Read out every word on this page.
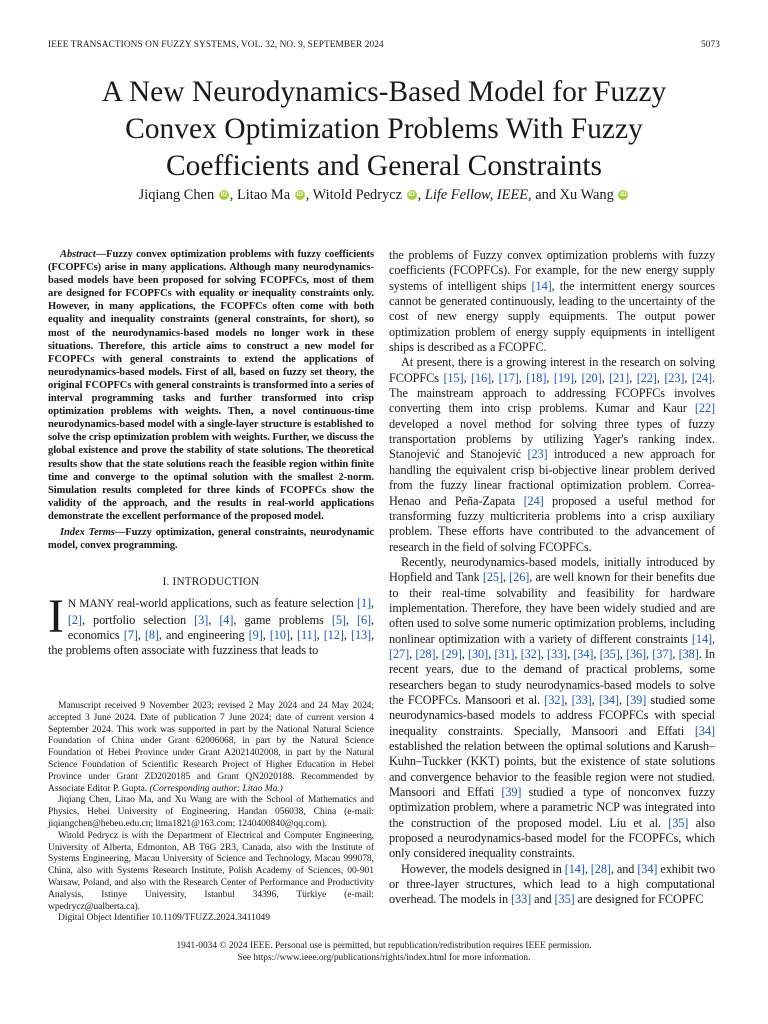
IEEE TRANSACTIONS ON FUZZY SYSTEMS, VOL. 32, NO. 9, SEPTEMBER 2024	5073
A New Neurodynamics-Based Model for Fuzzy
Convex Optimization Problems With Fuzzy
Coefficients and General Constraints
Jiqiang Chen iD , Litao Ma iD , Witold Pedrycz iD , Life Fellow, IEEE, and Xu Wang iD

Abstract—Fuzzy convex optimization problems with fuzzy coefficients (FCOPFCs) arise in many applications. Although many neurodynamics-based models have been proposed for solving FCOPFCs, most of them are designed for FCOPFCs with equality or inequality constraints only. However, in many applications, the FCOPFCs often come with both equality and inequality constraints (general constraints, for short), so most of the neurodynamics-based models no longer work in these situations. Therefore, this article aims to construct a new model for FCOPFCs with general constraints to extend the applications of neurodynamics-based models. First of all, based on fuzzy set theory, the original FCOPFCs with general constraints is transformed into a series of interval programming tasks and further transformed into crisp optimization problems with weights. Then, a novel continuous-time neurodynamics-based model with a single-layer structure is established to solve the crisp optimization problem with weights. Further, we discuss the global existence and prove the stability of state solutions. The theoretical results show that the state solutions reach the feasible region within finite time and converge to the optimal solution with the smallest 2-norm. Simulation results completed for three kinds of FCOPFCs show the validity of the approach, and the results in real-world applications demonstrate the excellent performance of the proposed model.

Index Terms—Fuzzy optimization, general constraints, neurodynamic model, convex programming.

I. INTRODUCTION

I N MANY real-world applications, such as feature selection [1], [2], portfolio selection [3], [4], game problems [5], [6], economics [7], [8], and engineering [9], [10], [11], [12], [13], the problems often associate with fuzziness that leads to

Manuscript received 9 November 2023; revised 2 May 2024 and 24 May 2024; accepted 3 June 2024. Date of publication 7 June 2024; date of current version 4 September 2024. This work was supported in part by the National Natural Science Foundation of China under Grant 62006068, in part by the Natural Science Foundation of Hebei Province under Grant A2021402008, in part by the Natural Science Foundation of Scientific Research Project of Higher Education in Hebei Province under Grant ZD2020185 and Grant QN2020188. Recommended by Associate Editor P. Gupta. (Corresponding author: Litao Ma.)

Jiqiang Chen, Litao Ma, and Xu Wang are with the School of Mathematics and Physics, Hebei University of Engineering, Handan 056038, China (e-mail: jiqiangchen@hebeu.edu.cn; ltma1821@163.com; 1240400840@qq.com).

Witold Pedrycz is with the Department of Electrical and Computer Engineering, University of Alberta, Edmonton, AB T6G 2R3, Canada, also with the Institute of Systems Engineering, Macau University of Science and Technology, Macau 999078, China, also with Systems Research Institute, Polish Academy of Sciences, 00-901 Warsaw, Poland, and also with the Research Center of Performance and Productivity Analysis, Istinye University, Istanbul 34396, Türkiye (e-mail: wpedrycz@ualberta.ca).

Digital Object Identifier 10.1109/TFUZZ.2024.3411049

the problems of Fuzzy convex optimization problems with fuzzy coefficients (FCOPFCs). For example, for the new energy supply systems of intelligent ships [14], the intermittent energy sources cannot be generated continuously, leading to the uncertainty of the cost of new energy supply equipments. The output power optimization problem of energy supply equipments in intelligent ships is described as a FCOPFC.

At present, there is a growing interest in the research on solving FCOPFCs [15], [16], [17], [18], [19], [20], [21], [22], [23], [24]. The mainstream approach to addressing FCOPFCs involves converting them into crisp problems. Kumar and Kaur [22] developed a novel method for solving three types of fuzzy transportation problems by utilizing Yager's ranking index. Stanojević and Stanojević [23] introduced a new approach for handling the equivalent crisp bi-objective linear problem derived from the fuzzy linear fractional optimization problem. Correa-Henao and Peña-Zapata [24] proposed a useful method for transforming fuzzy multicriteria problems into a crisp auxiliary problem. These efforts have contributed to the advancement of research in the field of solving FCOPFCs.

Recently, neurodynamics-based models, initially introduced by Hopfield and Tank [25], [26], are well known for their benefits due to their real-time solvability and feasibility for hardware implementation. Therefore, they have been widely studied and are often used to solve some numeric optimization problems, including nonlinear optimization with a variety of different constraints [14], [27], [28], [29], [30], [31], [32], [33], [34], [35], [36], [37], [38]. In recent years, due to the demand of practical problems, some researchers began to study neurodynamics-based models to solve the FCOPFCs. Mansoori et al. [32], [33], [34], [39] studied some neurodynamics-based models to address FCOPFCs with special inequality constraints. Specially, Mansoori and Effati [34] established the relation between the optimal solutions and Karush–Kuhn–Tuckker (KKT) points, but the existence of state solutions and convergence behavior to the feasible region were not studied. Mansoori and Effati [39] studied a type of nonconvex fuzzy optimization problem, where a parametric NCP was integrated into the construction of the proposed model. Liu et al. [35] also proposed a neurodynamics-based model for the FCOPFCs, which only considered inequality constraints.

However, the models designed in [14], [28], and [34] exhibit two or three-layer structures, which lead to a high computational overhead. The models in [33] and [35] are designed for FCOPFC

1941-0034 © 2024 IEEE. Personal use is permitted, but republication/redistribution requires IEEE permission.
See https://www.ieee.org/publications/rights/index.html for more information.
